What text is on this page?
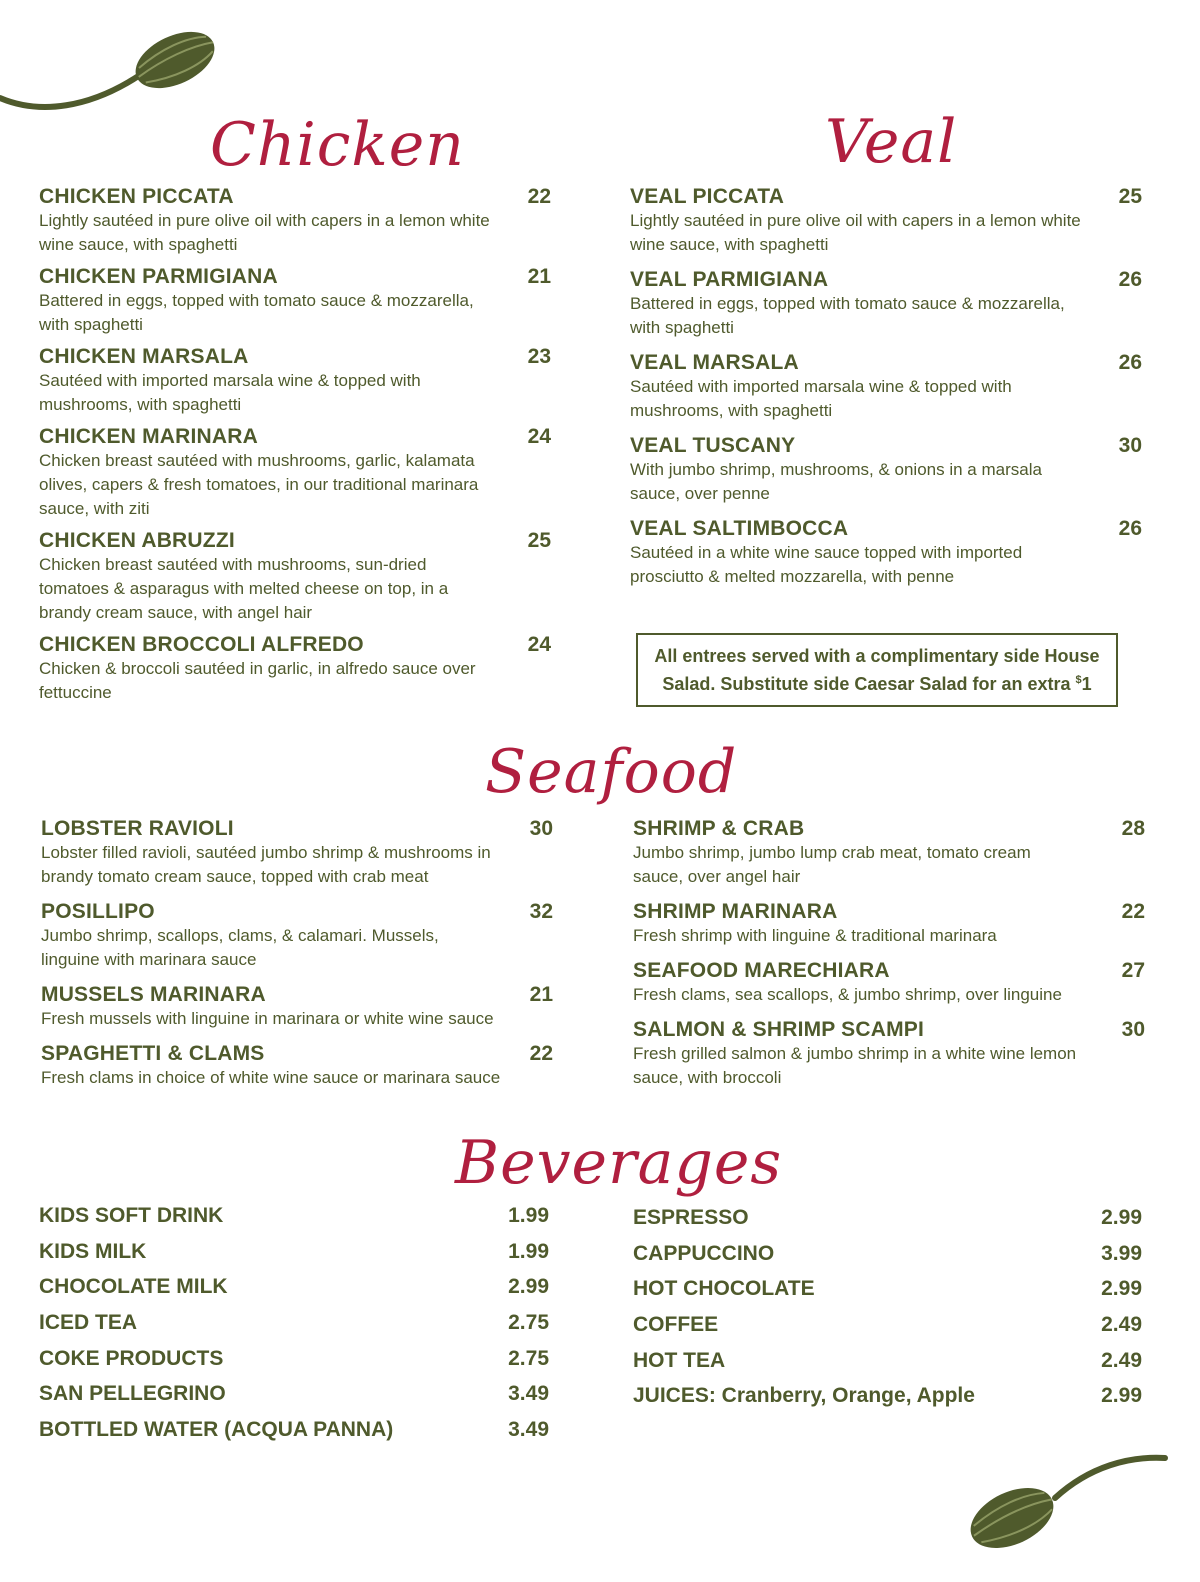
Chicken	Veal
Seafood
Beverages
CHICKEN PICCATA	22
Lightly sautéed in pure olive oil with capers in a lemon white wine sauce, with spaghetti
CHICKEN PARMIGIANA	21
Battered in eggs, topped with tomato sauce & mozzarella, with spaghetti
CHICKEN MARSALA	23
Sautéed with imported marsala wine & topped with mushrooms, with spaghetti
CHICKEN MARINARA	24
Chicken breast sautéed with mushrooms, garlic, kalamata olives, capers & fresh tomatoes, in our traditional marinara sauce, with ziti
CHICKEN ABRUZZI	25
Chicken breast sautéed with mushrooms, sun-dried tomatoes & asparagus with melted cheese on top, in a brandy cream sauce, with angel hair
CHICKEN BROCCOLI ALFREDO	24
Chicken & broccoli sautéed in garlic, in alfredo sauce over fettuccine
VEAL PICCATA	25
Lightly sautéed in pure olive oil with capers in a lemon white wine sauce, with spaghetti
VEAL PARMIGIANA	26
Battered in eggs, topped with tomato sauce & mozzarella, with spaghetti
VEAL MARSALA	26
Sautéed with imported marsala wine & topped with mushrooms, with spaghetti
VEAL TUSCANY	30
With jumbo shrimp, mushrooms, & onions in a marsala sauce, over penne
VEAL SALTIMBOCCA	26
Sautéed in a white wine sauce topped with imported prosciutto & melted mozzarella, with penne
All entrees served with a complimentary side House Salad. Substitute side Caesar Salad for an extra $1
LOBSTER RAVIOLI	30
Lobster filled ravioli, sautéed jumbo shrimp & mushrooms in brandy tomato cream sauce, topped with crab meat
POSILLIPO	32
Jumbo shrimp, scallops, clams, & calamari. Mussels, linguine with marinara sauce
MUSSELS MARINARA	21
Fresh mussels with linguine in marinara or white wine sauce
SPAGHETTI & CLAMS	22
Fresh clams in choice of white wine sauce or marinara sauce
SHRIMP & CRAB	28
Jumbo shrimp, jumbo lump crab meat, tomato cream sauce, over angel hair
SHRIMP MARINARA	22
Fresh shrimp with linguine & traditional marinara
SEAFOOD MARECHIARA	27
Fresh clams, sea scallops, & jumbo shrimp, over linguine
SALMON & SHRIMP SCAMPI	30
Fresh grilled salmon & jumbo shrimp in a white wine lemon sauce, with broccoli
KIDS SOFT DRINK	1.99
KIDS MILK	1.99
CHOCOLATE MILK	2.99
ICED TEA	2.75
COKE PRODUCTS	2.75
SAN PELLEGRINO	3.49
BOTTLED WATER (ACQUA PANNA)	3.49
ESPRESSO	2.99
CAPPUCCINO	3.99
HOT CHOCOLATE	2.99
COFFEE	2.49
HOT TEA	2.49
JUICES: Cranberry, Orange, Apple	2.99
